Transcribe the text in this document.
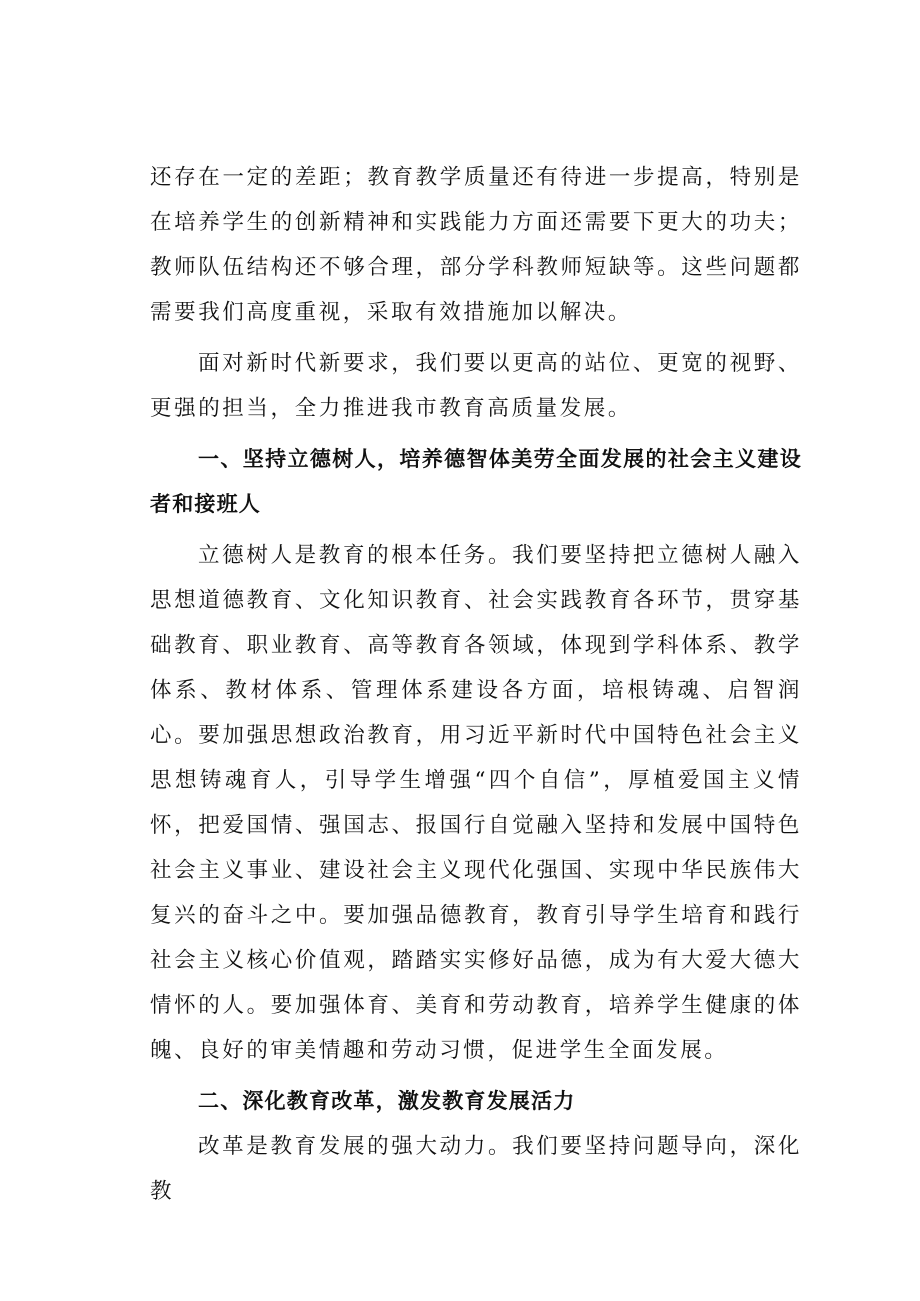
还存在一定的差距；教育教学质量还有待进一步提高，特别是在培养学生的创新精神和实践能力方面还需要下更大的功夫；教师队伍结构还不够合理，部分学科教师短缺等。这些问题都需要我们高度重视，采取有效措施加以解决。

面对新时代新要求，我们要以更高的站位、更宽的视野、更强的担当，全力推进我市教育高质量发展。

一、坚持立德树人，培养德智体美劳全面发展的社会主义建设者和接班人

立德树人是教育的根本任务。我们要坚持把立德树人融入思想道德教育、文化知识教育、社会实践教育各环节，贯穿基础教育、职业教育、高等教育各领域，体现到学科体系、教学体系、教材体系、管理体系建设各方面，培根铸魂、启智润心。要加强思想政治教育，用习近平新时代中国特色社会主义思想铸魂育人，引导学生增强“四个自信”，厚植爱国主义情怀，把爱国情、强国志、报国行自觉融入坚持和发展中国特色社会主义事业、建设社会主义现代化强国、实现中华民族伟大复兴的奋斗之中。要加强品德教育，教育引导学生培育和践行社会主义核心价值观，踏踏实实修好品德，成为有大爱大德大情怀的人。要加强体育、美育和劳动教育，培养学生健康的体魄、良好的审美情趣和劳动习惯，促进学生全面发展。

二、深化教育改革，激发教育发展活力

改革是教育发展的强大动力。我们要坚持问题导向，深化教
